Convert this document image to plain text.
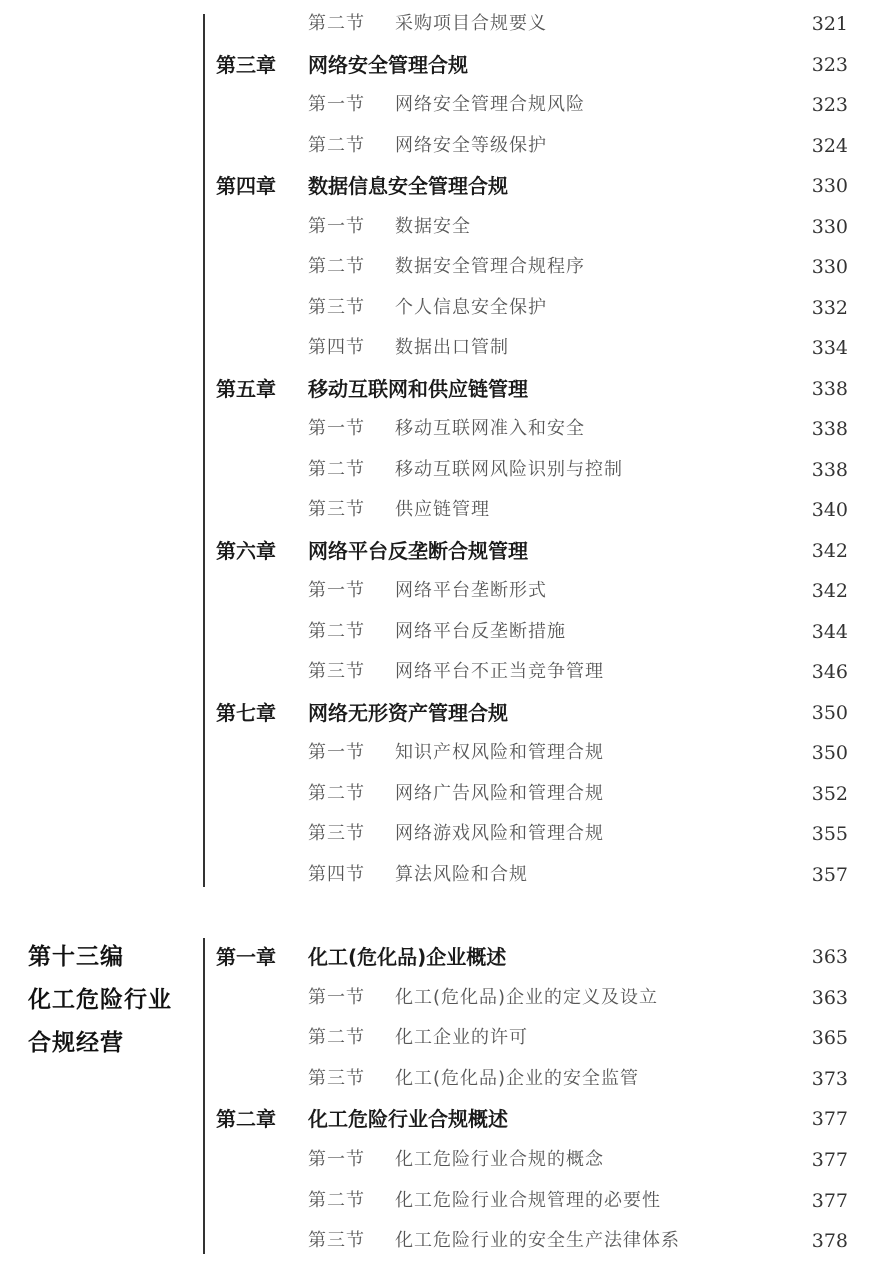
第十三编
化工危险行业
合规经营
第二节 采购项目合规要义	321
第三章 网络安全管理合规	323
第一节 网络安全管理合规风险	323
第二节 网络安全等级保护	324
第四章 数据信息安全管理合规	330
第一节 数据安全	330
第二节 数据安全管理合规程序	330
第三节 个人信息安全保护	332
第四节 数据出口管制	334
第五章 移动互联网和供应链管理	338
第一节 移动互联网准入和安全	338
第二节 移动互联网风险识别与控制	338
第三节 供应链管理	340
第六章 网络平台反垄断合规管理	342
第一节 网络平台垄断形式	342
第二节 网络平台反垄断措施	344
第三节 网络平台不正当竞争管理	346
第七章 网络无形资产管理合规	350
第一节 知识产权风险和管理合规	350
第二节 网络广告风险和管理合规	352
第三节 网络游戏风险和管理合规	355
第四节 算法风险和合规	357
第一章 化工(危化品)企业概述	363
第一节 化工(危化品)企业的定义及设立	363
第二节 化工企业的许可	365
第三节 化工(危化品)企业的安全监管	373
第二章 化工危险行业合规概述	377
第一节 化工危险行业合规的概念	377
第二节 化工危险行业合规管理的必要性	377
第三节 化工危险行业的安全生产法律体系	378
